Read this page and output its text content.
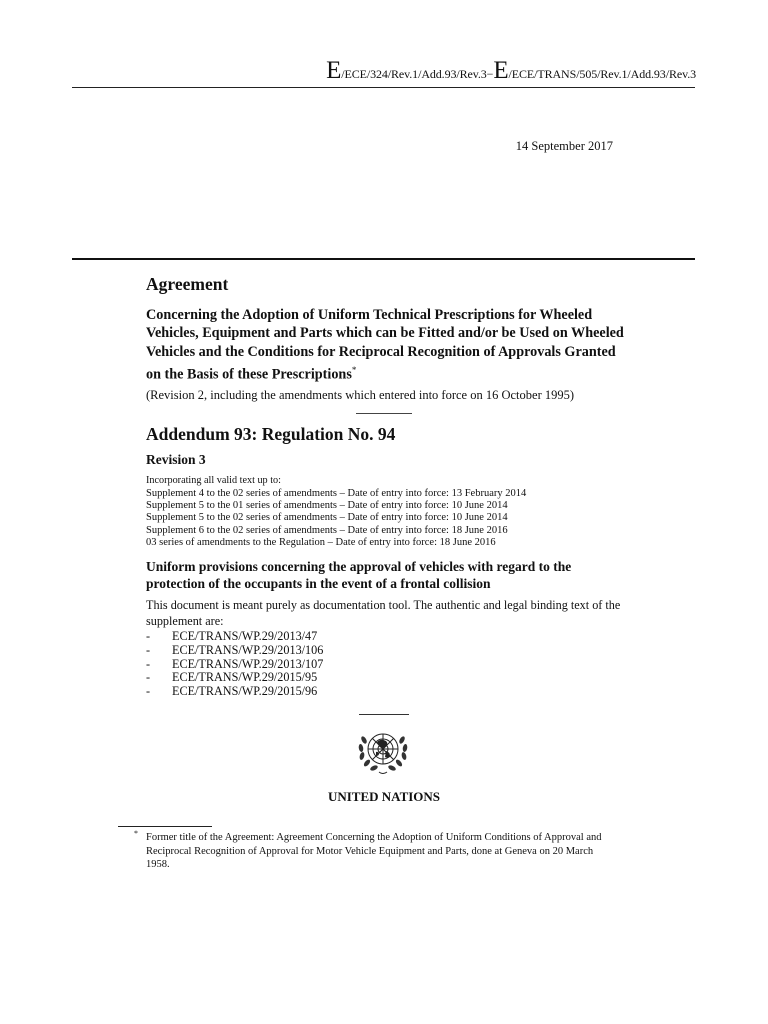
E/ECE/324/Rev.1/Add.93/Rev.3−E/ECE/TRANS/505/Rev.1/Add.93/Rev.3
14 September 2017
Agreement
Concerning the Adoption of Uniform Technical Prescriptions for Wheeled Vehicles, Equipment and Parts which can be Fitted and/or be Used on Wheeled Vehicles and the Conditions for Reciprocal Recognition of Approvals Granted on the Basis of these Prescriptions*
(Revision 2, including the amendments which entered into force on 16 October 1995)
Addendum 93: Regulation No. 94
Revision 3
Incorporating all valid text up to:
Supplement 4 to the 02 series of amendments – Date of entry into force: 13 February 2014
Supplement 5 to the 01 series of amendments – Date of entry into force: 10 June 2014
Supplement 5 to the 02 series of amendments – Date of entry into force: 10 June 2014
Supplement 6 to the 02 series of amendments – Date of entry into force: 18 June 2016
03 series of amendments to the Regulation – Date of entry into force: 18 June 2016
Uniform provisions concerning the approval of vehicles with regard to the protection of the occupants in the event of a frontal collision
This document is meant purely as documentation tool. The authentic and legal binding text of the supplement are:
-	ECE/TRANS/WP.29/2013/47
-	ECE/TRANS/WP.29/2013/106
-	ECE/TRANS/WP.29/2013/107
-	ECE/TRANS/WP.29/2015/95
-	ECE/TRANS/WP.29/2015/96
UNITED NATIONS
* Former title of the Agreement: Agreement Concerning the Adoption of Uniform Conditions of Approval and Reciprocal Recognition of Approval for Motor Vehicle Equipment and Parts, done at Geneva on 20 March 1958.
